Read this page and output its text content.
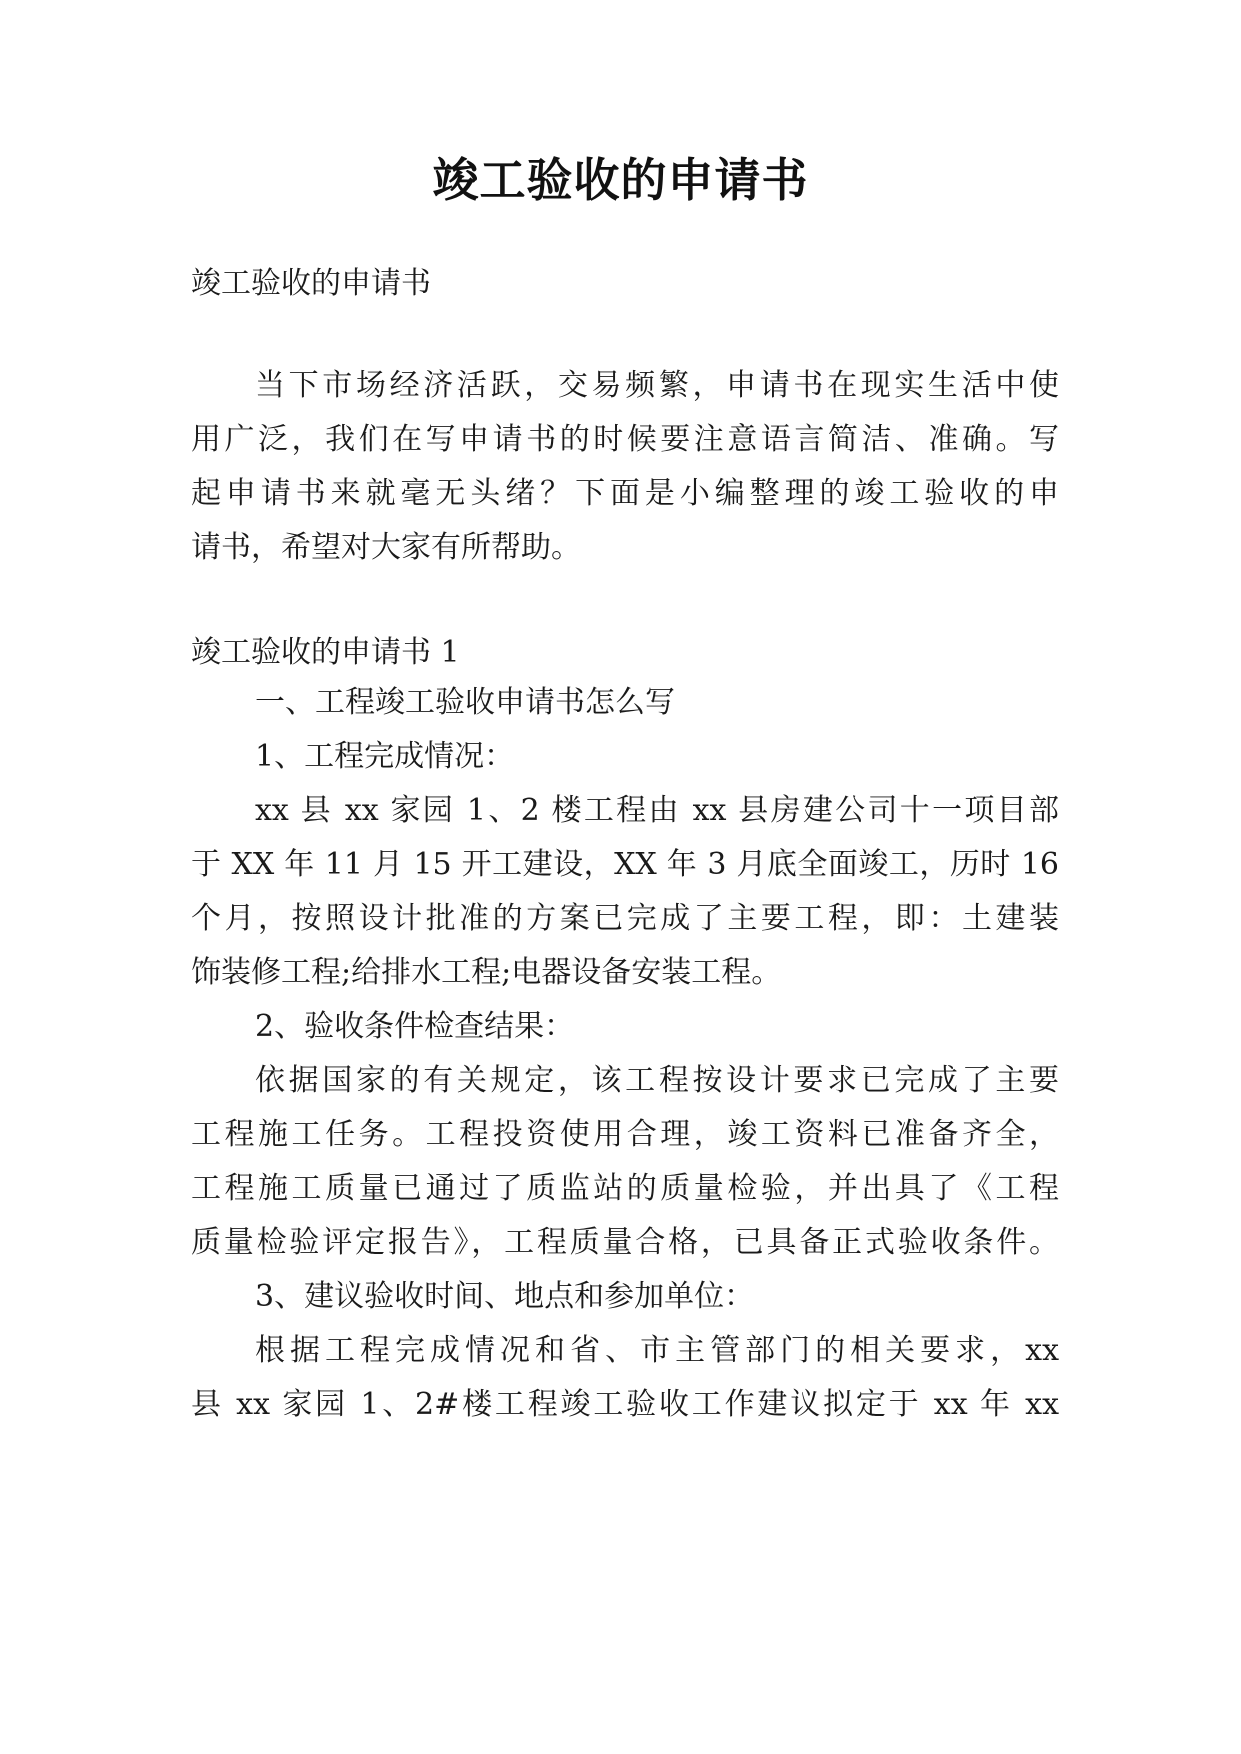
竣工验收的申请书
竣工验收的申请书
当下市场经济活跃，交易频繁，申请书在现实生活中使
用广泛，我们在写申请书的时候要注意语言简洁、准确。写
起申请书来就毫无头绪？下面是小编整理的竣工验收的申
请书，希望对大家有所帮助。
竣工验收的申请书 1
一、工程竣工验收申请书怎么写
1、工程完成情况：
xx 县 xx 家园 1、2 楼工程由 xx 县房建公司十一项目部
于 XX 年 11 月 15 开工建设，XX 年 3 月底全面竣工，历时 16
个月，按照设计批准的方案已完成了主要工程，即：土建装
饰装修工程;给排水工程;电器设备安装工程。
2、验收条件检查结果：
依据国家的有关规定，该工程按设计要求已完成了主要
工程施工任务。工程投资使用合理，竣工资料已准备齐全，
工程施工质量已通过了质监站的质量检验，并出具了《工程
质量检验评定报告》，工程质量合格，已具备正式验收条件。
3、建议验收时间、地点和参加单位：
根据工程完成情况和省、市主管部门的相关要求，xx
县 xx 家园 1、2#楼工程竣工验收工作建议拟定于 xx 年 xx
